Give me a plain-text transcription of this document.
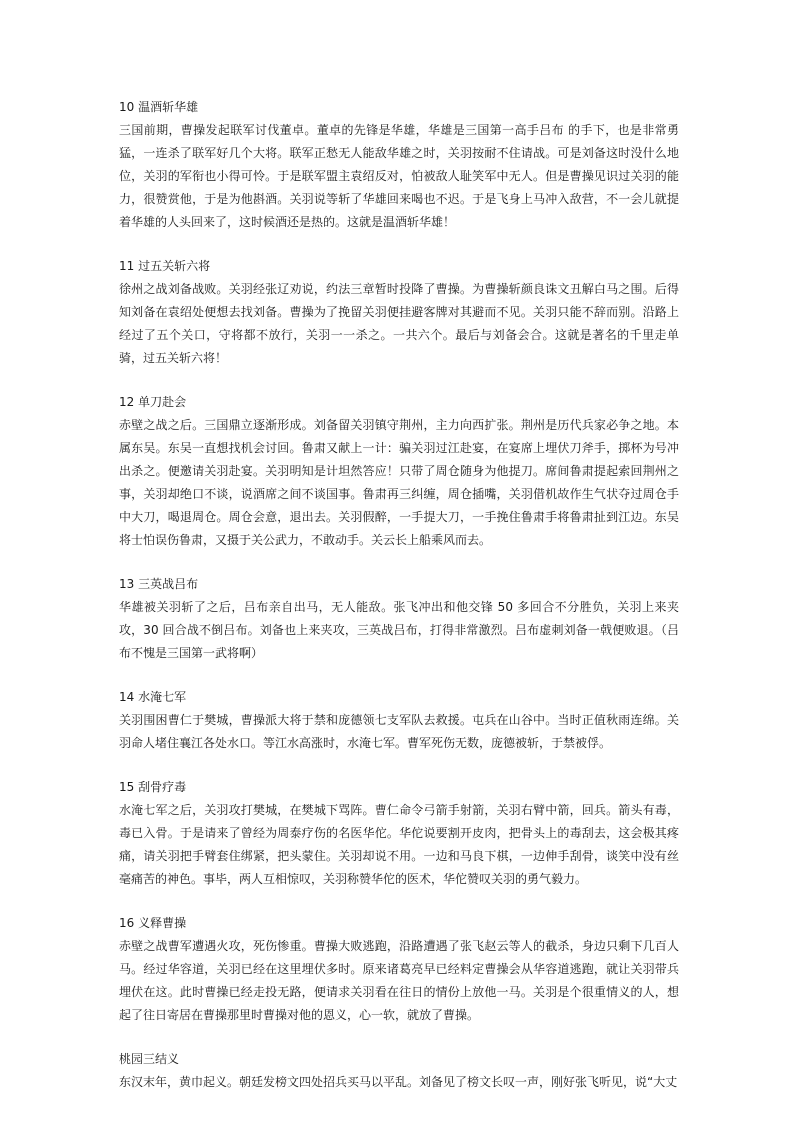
10 温酒斩华雄
三国前期，曹操发起联军讨伐董卓。董卓的先锋是华雄，华雄是三国第一高手吕布 的手下，也是非常勇猛，一连杀了联军好几个大将。联军正愁无人能敌华雄之时，关羽按耐不住请战。可是刘备这时没什么地位，关羽的军衔也小得可怜。于是联军盟主袁绍反对，怕被敌人耻笑军中无人。但是曹操见识过关羽的能力，很赞赏他，于是为他斟酒。关羽说等斩了华雄回来喝也不迟。于是飞身上马冲入敌营，不一会儿就提着华雄的人头回来了，这时候酒还是热的。这就是温酒斩华雄！
11 过五关斩六将
徐州之战刘备战败。关羽经张辽劝说，约法三章暂时投降了曹操。为曹操斩颜良诛文丑解白马之围。后得知刘备在袁绍处便想去找刘备。曹操为了挽留关羽便挂避客牌对其避而不见。关羽只能不辞而别。沿路上经过了五个关口，守将都不放行，关羽一一杀之。一共六个。最后与刘备会合。这就是著名的千里走单骑，过五关斩六将！
12 单刀赴会
赤壁之战之后。三国鼎立逐渐形成。刘备留关羽镇守荆州，主力向西扩张。荆州是历代兵家必争之地。本属东吴。东吴一直想找机会讨回。鲁肃又献上一计：骗关羽过江赴宴，在宴席上埋伏刀斧手，掷杯为号冲出杀之。便邀请关羽赴宴。关羽明知是计坦然答应！只带了周仓随身为他提刀。席间鲁肃提起索回荆州之事，关羽却绝口不谈，说酒席之间不谈国事。鲁肃再三纠缠，周仓插嘴，关羽借机故作生气状夺过周仓手中大刀，喝退周仓。周仓会意，退出去。关羽假醉，一手提大刀，一手挽住鲁肃手将鲁肃扯到江边。东吴将士怕误伤鲁肃，又摄于关公武力，不敢动手。关云长上船乘风而去。
13 三英战吕布
华雄被关羽斩了之后，吕布亲自出马，无人能敌。张飞冲出和他交锋 50 多回合不分胜负，关羽上来夹攻，30 回合战不倒吕布。刘备也上来夹攻，三英战吕布，打得非常激烈。吕布虚刺刘备一戟便败退。（吕布不愧是三国第一武将啊）
14 水淹七军
关羽围困曹仁于樊城，曹操派大将于禁和庞德领七支军队去救援。屯兵在山谷中。当时正值秋雨连绵。关羽命人堵住襄江各处水口。等江水高涨时，水淹七军。曹军死伤无数，庞德被斩，于禁被俘。
15 刮骨疗毒
水淹七军之后，关羽攻打樊城，在樊城下骂阵。曹仁命令弓箭手射箭，关羽右臂中箭，回兵。箭头有毒，毒已入骨。于是请来了曾经为周泰疗伤的名医华佗。华佗说要割开皮肉，把骨头上的毒刮去，这会极其疼痛，请关羽把手臂套住绑紧，把头蒙住。关羽却说不用。一边和马良下棋，一边伸手刮骨，谈笑中没有丝毫痛苦的神色。事毕，两人互相惊叹，关羽称赞华佗的医术，华佗赞叹关羽的勇气毅力。
16 义释曹操
赤壁之战曹军遭遇火攻，死伤惨重。曹操大败逃跑，沿路遭遇了张飞赵云等人的截杀，身边只剩下几百人马。经过华容道，关羽已经在这里埋伏多时。原来诸葛亮早已经料定曹操会从华容道逃跑，就让关羽带兵埋伏在这。此时曹操已经走投无路，便请求关羽看在往日的情份上放他一马。关羽是个很重情义的人，想起了往日寄居在曹操那里时曹操对他的恩义，心一软，就放了曹操。
桃园三结义
东汉末年，黄巾起义。朝廷发榜文四处招兵买马以平乱。刘备见了榜文长叹一声，刚好张飞听见，说“大丈
